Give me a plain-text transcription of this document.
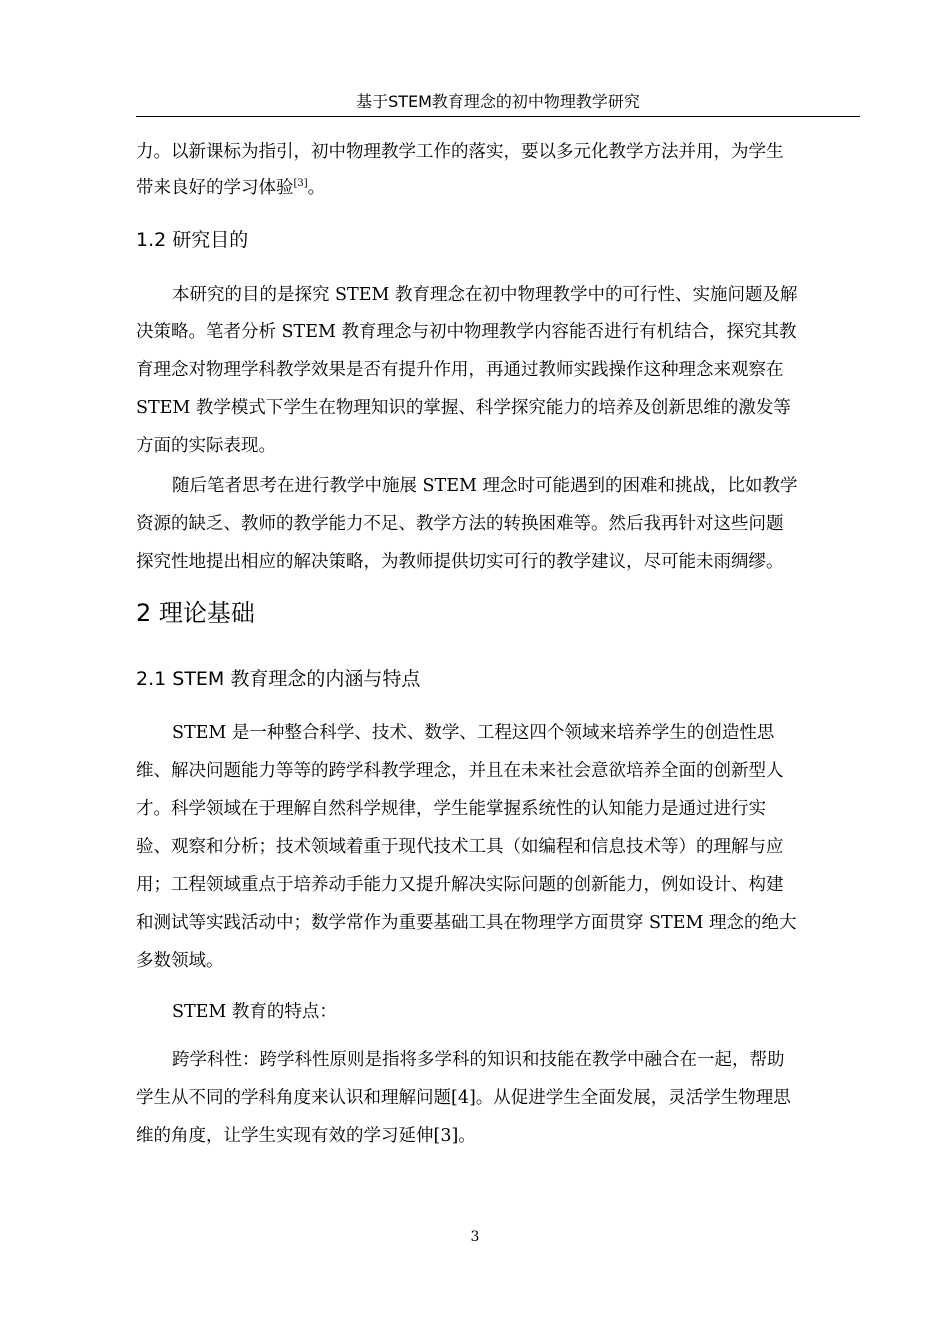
基于STEM教育理念的初中物理教学研究
力。以新课标为指引，初中物理教学工作的落实，要以多元化教学方法并用，为学生
带来良好的学习体验[3]。
1.2 研究目的
本研究的目的是探究 STEM 教育理念在初中物理教学中的可行性、实施问题及解
决策略。笔者分析 STEM 教育理念与初中物理教学内容能否进行有机结合，探究其教
育理念对物理学科教学效果是否有提升作用，再通过教师实践操作这种理念来观察在
STEM 教学模式下学生在物理知识的掌握、科学探究能力的培养及创新思维的激发等
方面的实际表现。
随后笔者思考在进行教学中施展 STEM 理念时可能遇到的困难和挑战，比如教学
资源的缺乏、教师的教学能力不足、教学方法的转换困难等。然后我再针对这些问题
探究性地提出相应的解决策略，为教师提供切实可行的教学建议，尽可能未雨绸缪。
2 理论基础
2.1 STEM 教育理念的内涵与特点
STEM 是一种整合科学、技术、数学、工程这四个领域来培养学生的创造性思
维、解决问题能力等等的跨学科教学理念，并且在未来社会意欲培养全面的创新型人
才。科学领域在于理解自然科学规律，学生能掌握系统性的认知能力是通过进行实
验、观察和分析；技术领域着重于现代技术工具（如编程和信息技术等）的理解与应
用；工程领域重点于培养动手能力又提升解决实际问题的创新能力，例如设计、构建
和测试等实践活动中；数学常作为重要基础工具在物理学方面贯穿 STEM 理念的绝大
多数领域。
STEM 教育的特点：
跨学科性：跨学科性原则是指将多学科的知识和技能在教学中融合在一起，帮助
学生从不同的学科角度来认识和理解问题[4]。从促进学生全面发展，灵活学生物理思
维的角度，让学生实现有效的学习延伸[3]。
3
